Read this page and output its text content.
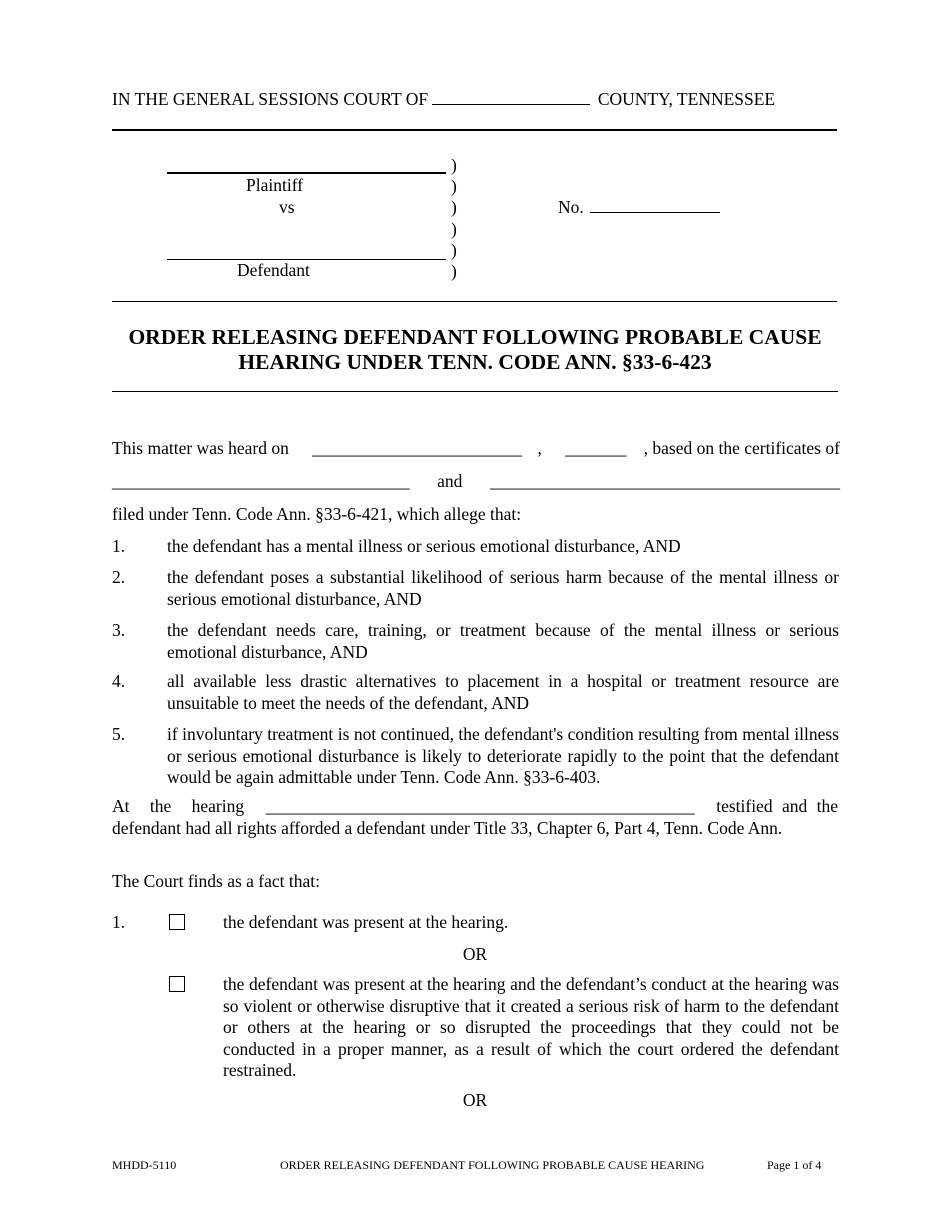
IN THE GENERAL SESSIONS COURT OF	COUNTY, TENNESSEE
Plaintiff
vs
Defendant
)
)
)
)
)
)
No.
ORDER RELEASING DEFENDANT FOLLOWING PROBABLE CAUSE
HEARING UNDER TENN. CODE ANN. §33-6-423
This matter was heard on ________________________ , _______ , based on the certificates of
__________________________________ and ________________________________________
filed under Tenn. Code Ann. §33-6-421, which allege that:
1. the defendant has a mental illness or serious emotional disturbance, AND
2. the defendant poses a substantial likelihood of serious harm because of the mental illness or serious emotional disturbance, AND
3. the defendant needs care, training, or treatment because of the mental illness or serious emotional disturbance, AND
4. all available less drastic alternatives to placement in a hospital or treatment resource are unsuitable to meet the needs of the defendant, AND
5. if involuntary treatment is not continued, the defendant's condition resulting from mental illness or serious emotional disturbance is likely to deteriorate rapidly to the point that the defendant would be again admittable under Tenn. Code Ann. §33-6-403.
At the hearing _________________________________________________ testified and the
defendant had all rights afforded a defendant under Title 33, Chapter 6, Part 4, Tenn. Code Ann.
The Court finds as a fact that:
1.	the defendant was present at the hearing.
OR
the defendant was present at the hearing and the defendant’s conduct at the hearing was so violent or otherwise disruptive that it created a serious risk of harm to the defendant or others at the hearing or so disrupted the proceedings that they could not be conducted in a proper manner, as a result of which the court ordered the defendant restrained.
OR
MHDD-5110	ORDER RELEASING DEFENDANT FOLLOWING PROBABLE CAUSE HEARING	Page 1 of 4
